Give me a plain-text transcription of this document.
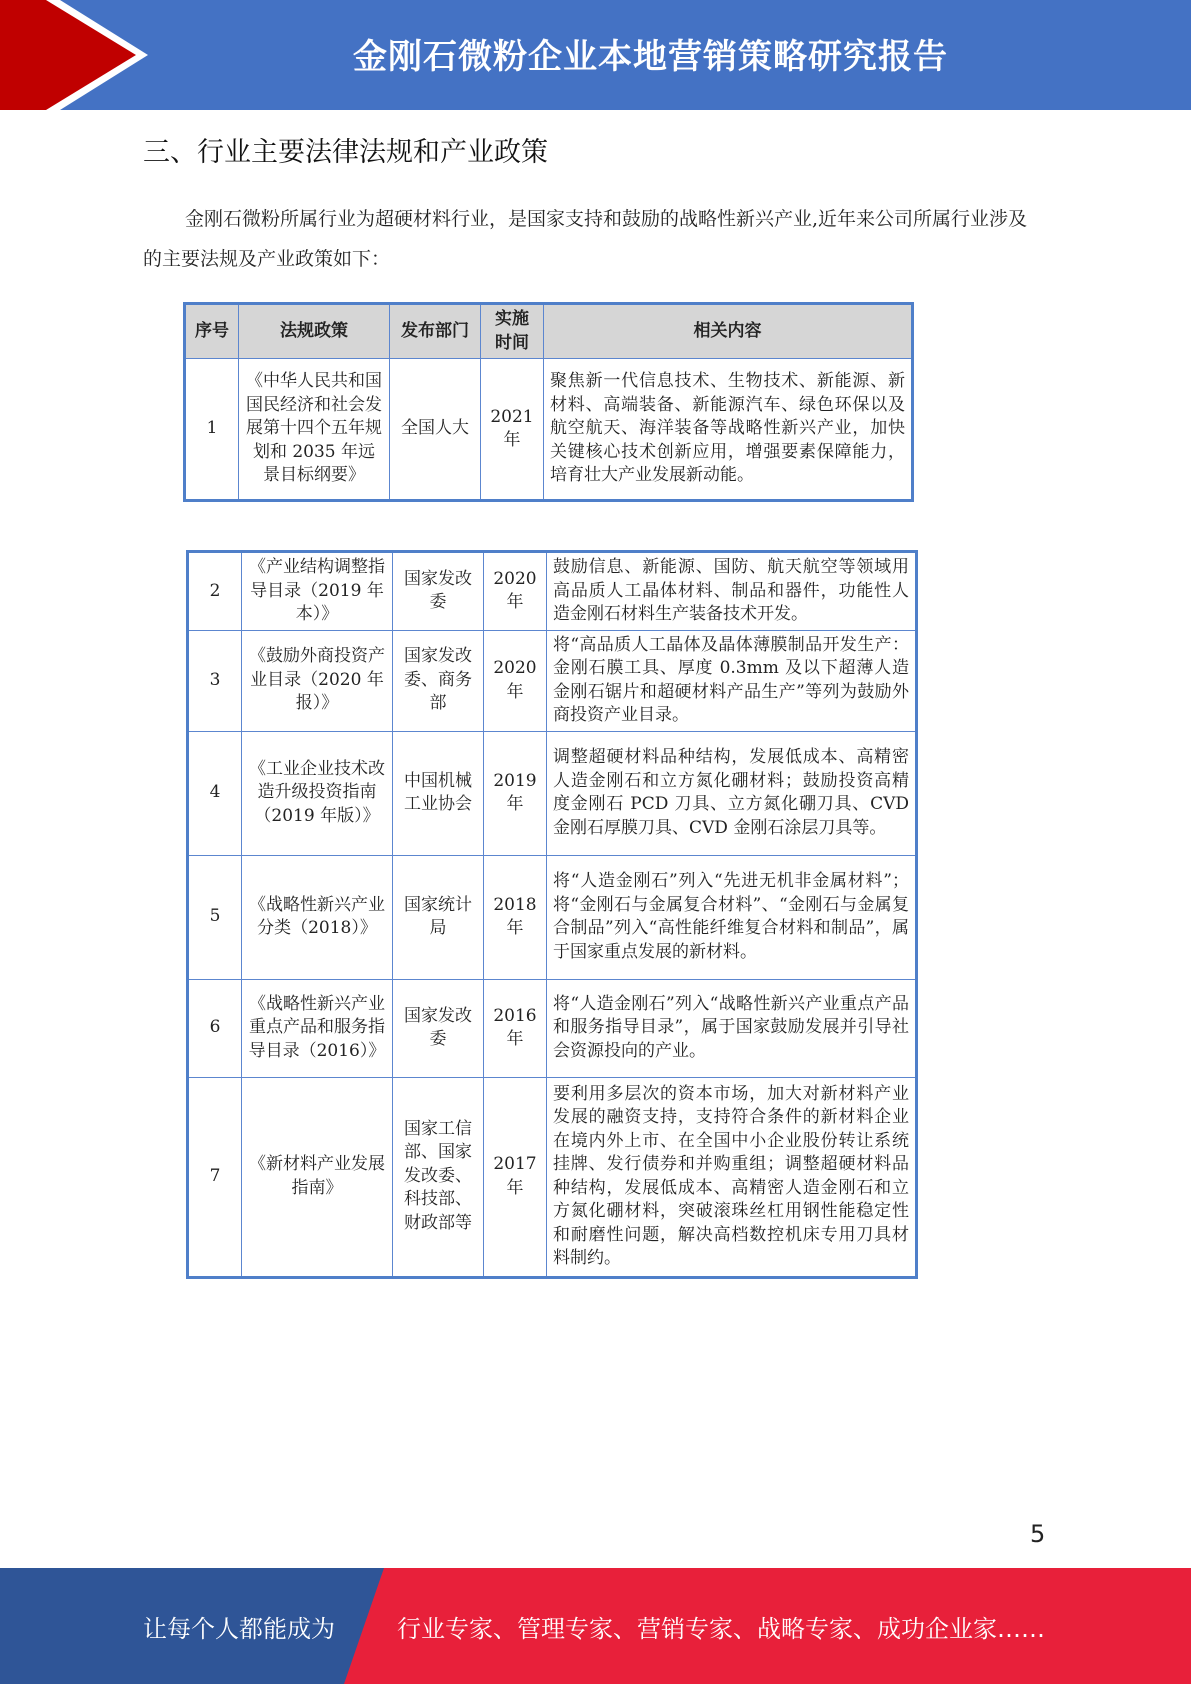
金刚石微粉企业本地营销策略研究报告
三、行业主要法律法规和产业政策

金刚石微粉所属行业为超硬材料行业，是国家支持和鼓励的战略性新兴产业,近年来公司所属行业涉及的主要法规及产业政策如下：

序号	法规政策	发布部门	实施时间	相关内容
1	《中华人民共和国国民经济和社会发展第十四个五年规划和 2035 年远景目标纲要》	全国人大	2021 年	聚焦新一代信息技术、生物技术、新能源、新材料、高端装备、新能源汽车、绿色环保以及航空航天、海洋装备等战略性新兴产业，加快关键核心技术创新应用，增强要素保障能力，培育壮大产业发展新动能。
2	《产业结构调整指导目录（2019 年本）》	国家发改委	2020 年	鼓励信息、新能源、国防、航天航空等领域用高品质人工晶体材料、制品和器件，功能性人造金刚石材料生产装备技术开发。
3	《鼓励外商投资产业目录（2020 年报）》	国家发改委、商务部	2020 年	将“高品质人工晶体及晶体薄膜制品开发生产：金刚石膜工具、厚度 0.3mm 及以下超薄人造金刚石锯片和超硬材料产品生产”等列为鼓励外商投资产业目录。
4	《工业企业技术改造升级投资指南（2019 年版）》	中国机械工业协会	2019 年	调整超硬材料品种结构，发展低成本、高精密人造金刚石和立方氮化硼材料；鼓励投资高精度金刚石 PCD 刀具、立方氮化硼刀具、CVD 金刚石厚膜刀具、CVD 金刚石涂层刀具等。
5	《战略性新兴产业分类（2018）》	国家统计局	2018 年	将“人造金刚石”列入“先进无机非金属材料”；将“金刚石与金属复合材料”、“金刚石与金属复合制品”列入“高性能纤维复合材料和制品”，属于国家重点发展的新材料。
6	《战略性新兴产业重点产品和服务指导目录（2016）》	国家发改委	2016 年	将“人造金刚石”列入“战略性新兴产业重点产品和服务指导目录”，属于国家鼓励发展并引导社会资源投向的产业。
7	《新材料产业发展指南》	国家工信部、国家发改委、科技部、财政部等	2017 年	要利用多层次的资本市场，加大对新材料产业发展的融资支持，支持符合条件的新材料企业在境内外上市、在全国中小企业股份转让系统挂牌、发行债券和并购重组；调整超硬材料品种结构，发展低成本、高精密人造金刚石和立方氮化硼材料，突破滚珠丝杠用钢性能稳定性和耐磨性问题，解决高档数控机床专用刀具材料制约。
5
让每个人都能成为	行业专家、管理专家、营销专家、战略专家、成功企业家……
